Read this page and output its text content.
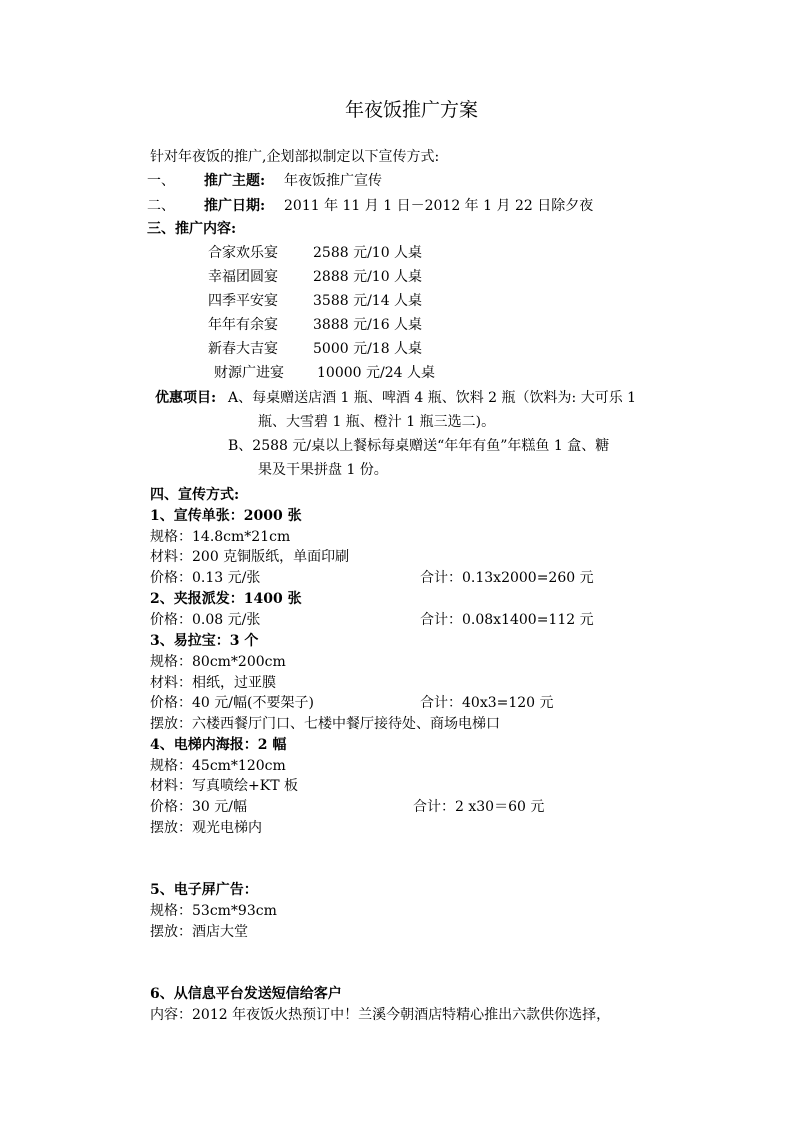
年夜饭推广方案
针对年夜饭的推广,企划部拟制定以下宣传方式:
一、 推广主题: 年夜饭推广宣传
二、 推广日期: 2011 年 11 月 1 日－2012 年 1 月 22 日除夕夜
三、推广内容:
合家欢乐宴	2588 元/10 人桌
幸福团圆宴	2888 元/10 人桌
四季平安宴	3588 元/14 人桌
年年有余宴	3888 元/16 人桌
新春大吉宴	5000 元/18 人桌
财源广进宴 10000 元/24 人桌
优惠项目: A、每桌赠送店酒 1 瓶、啤酒 4 瓶、饮料 2 瓶（饮料为: 大可乐 1
瓶、大雪碧 1 瓶、橙汁 1 瓶三选二)。
B、2588 元/桌以上餐标每桌赠送“年年有鱼”年糕鱼 1 盒、糖
果及干果拼盘 1 份。
四、宣传方式:
1、宣传单张：2000 张
规格：14.8cm*21cm
材料：200 克铜版纸，单面印刷
价格：0.13 元/张	合计：0.13x2000=260 元
2、夹报派发：1400 张
价格：0.08 元/张	合计：0.08x1400=112 元
3、易拉宝：3 个
规格：80cm*200cm
材料：相纸，过亚膜
价格：40 元/幅(不要架子)	合计：40x3=120 元
摆放：六楼西餐厅门口、七楼中餐厅接待处、商场电梯口
4、电梯内海报：2 幅
规格：45cm*120cm
材料：写真喷绘+KT 板
价格：30 元/幅	合计：2 x30＝60 元
摆放：观光电梯内
5、电子屏广告：
规格：53cm*93cm
摆放：酒店大堂
6、从信息平台发送短信给客户
内容：2012 年夜饭火热预订中！兰溪今朝酒店特精心推出六款供你选择，
